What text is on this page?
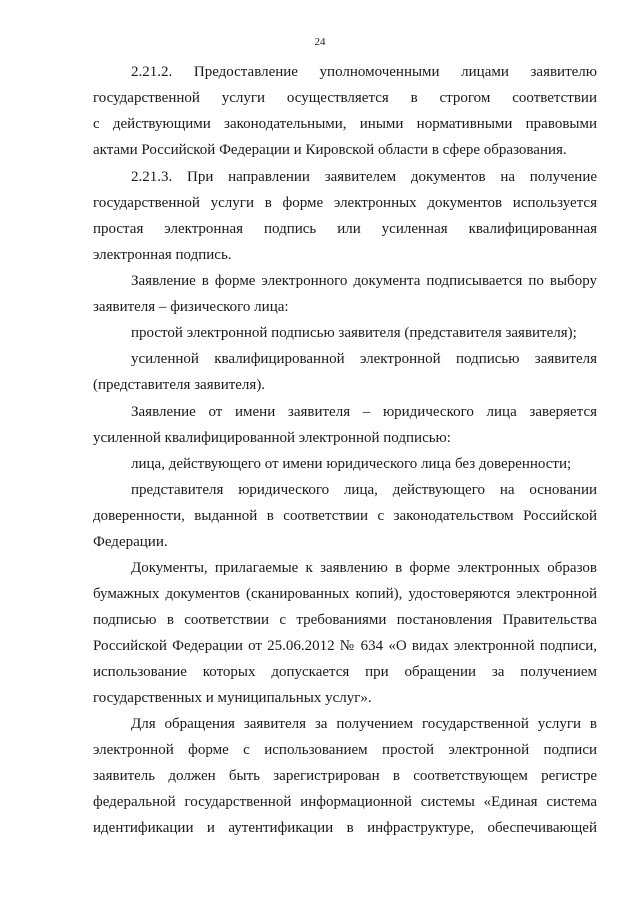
24
2.21.2. Предоставление уполномоченными лицами заявителю
государственной услуги осуществляется в строгом соответствии
с действующими законодательными, иными нормативными правовыми
актами Российской Федерации и Кировской области в сфере образования.
2.21.3. При направлении заявителем документов на получение
государственной услуги в форме электронных документов используется
простая электронная подпись или усиленная квалифицированная
электронная подпись.
Заявление в форме электронного документа подписывается по выбору
заявителя – физического лица:
простой электронной подписью заявителя (представителя заявителя);
усиленной квалифицированной электронной подписью заявителя
(представителя заявителя).
Заявление от имени заявителя – юридического лица заверяется
усиленной квалифицированной электронной подписью:
лица, действующего от имени юридического лица без доверенности;
представителя юридического лица, действующего на основании
доверенности, выданной в соответствии с законодательством Российской
Федерации.
Документы, прилагаемые к заявлению в форме электронных образов
бумажных документов (сканированных копий), удостоверяются электронной
подписью в соответствии с требованиями постановления Правительства
Российской Федерации от 25.06.2012 № 634 «О видах электронной подписи,
использование которых допускается при обращении за получением
государственных и муниципальных услуг».
Для обращения заявителя за получением государственной услуги в
электронной форме с использованием простой электронной подписи
заявитель должен быть зарегистрирован в соответствующем регистре
федеральной государственной информационной системы «Единая система
идентификации и аутентификации в инфраструктуре, обеспечивающей
